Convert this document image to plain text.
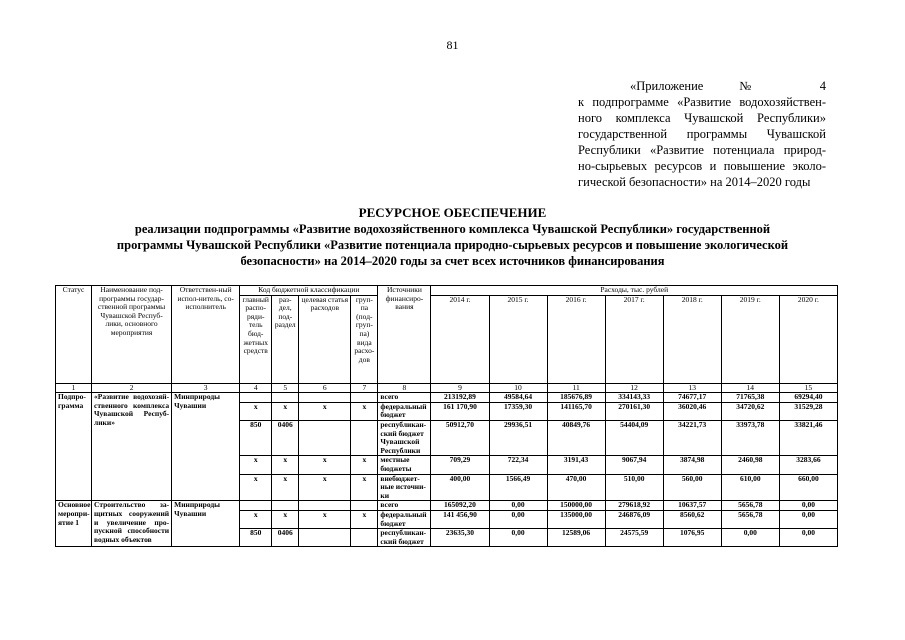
81
«Приложение № 4
к подпрограмме «Развитие водохозяйствен-
ного комплекса Чувашской Республики»
государственной программы Чувашской
Республики «Развитие потенциала природ-
но-сырьевых ресурсов и повышение эколо-
гической безопасности» на 2014–2020 годы
РЕСУРСНОЕ ОБЕСПЕЧЕНИЕ
реализации подпрограммы «Развитие водохозяйственного комплекса Чувашской Республики» государственной
программы Чувашской Республики «Развитие потенциала природно-сырьевых ресурсов и повышение экологической
безопасности» на 2014–2020 годы за счет всех источников финансирования
Статус	Наименование под-программы государ-ственной программы Чувашской Респуб-лики, основного мероприятия	Ответствен-ный испол-нитель, со-исполнитель	Код бюджетной классификации				Источники финансиро-вания	Расходы, тыс. рублей						
			главный распо-ряди-тель бюд-жетных средств	раз-дел, под-раздел	целевая статья расходов	груп-па (под-груп-па) вида расхо-дов		2014 г.	2015 г.	2016 г.	2017 г.	2018 г.	2019 г.	2020 г.

1	2	3	4	5	6	7	8	9	10	11	12	13	14	15
Подпро-грамма	«Развитие водохозяй-ственного комплекса Чувашской Респуб-лики»	Минприроды Чувашии					всего	213192,89	49584,64	185676,89	334143,33	74677,17	71765,38	69294,40
			х	х	х	х	федеральный бюджет	161 170,90	17359,30	141165,70	270161,30	36020,46	34720,62	31529,28
			850	0406			республикан-ский бюджет Чувашской Республики	50912,70	29936,51	40849,76	54404,09	34221,73	33973,78	33821,46
			х	х	х	х	местные бюджеты	709,29	722,34	3191,43	9067,94	3874,98	2460,98	3283,66
			х	х	х	х	внебюджет-ные источни-ки	400,00	1566,49	470,00	510,00	560,00	610,00	660,00
Основное меропри-ятие 1	Строительство за-щитных сооружений и увеличение про-пускной способности водных объектов	Минприроды Чувашии					всего	165092,20	0,00	150000,00	279618,92	10637,57	5656,78	0,00
			х	х	х	х	федеральный бюджет	141 456,90	0,00	135000,00	246876,09	8560,62	5656,78	0,00
			850	0406			республикан-ский бюджет	23635,30	0,00	12589,06	24575,59	1076,95	0,00	0,00
